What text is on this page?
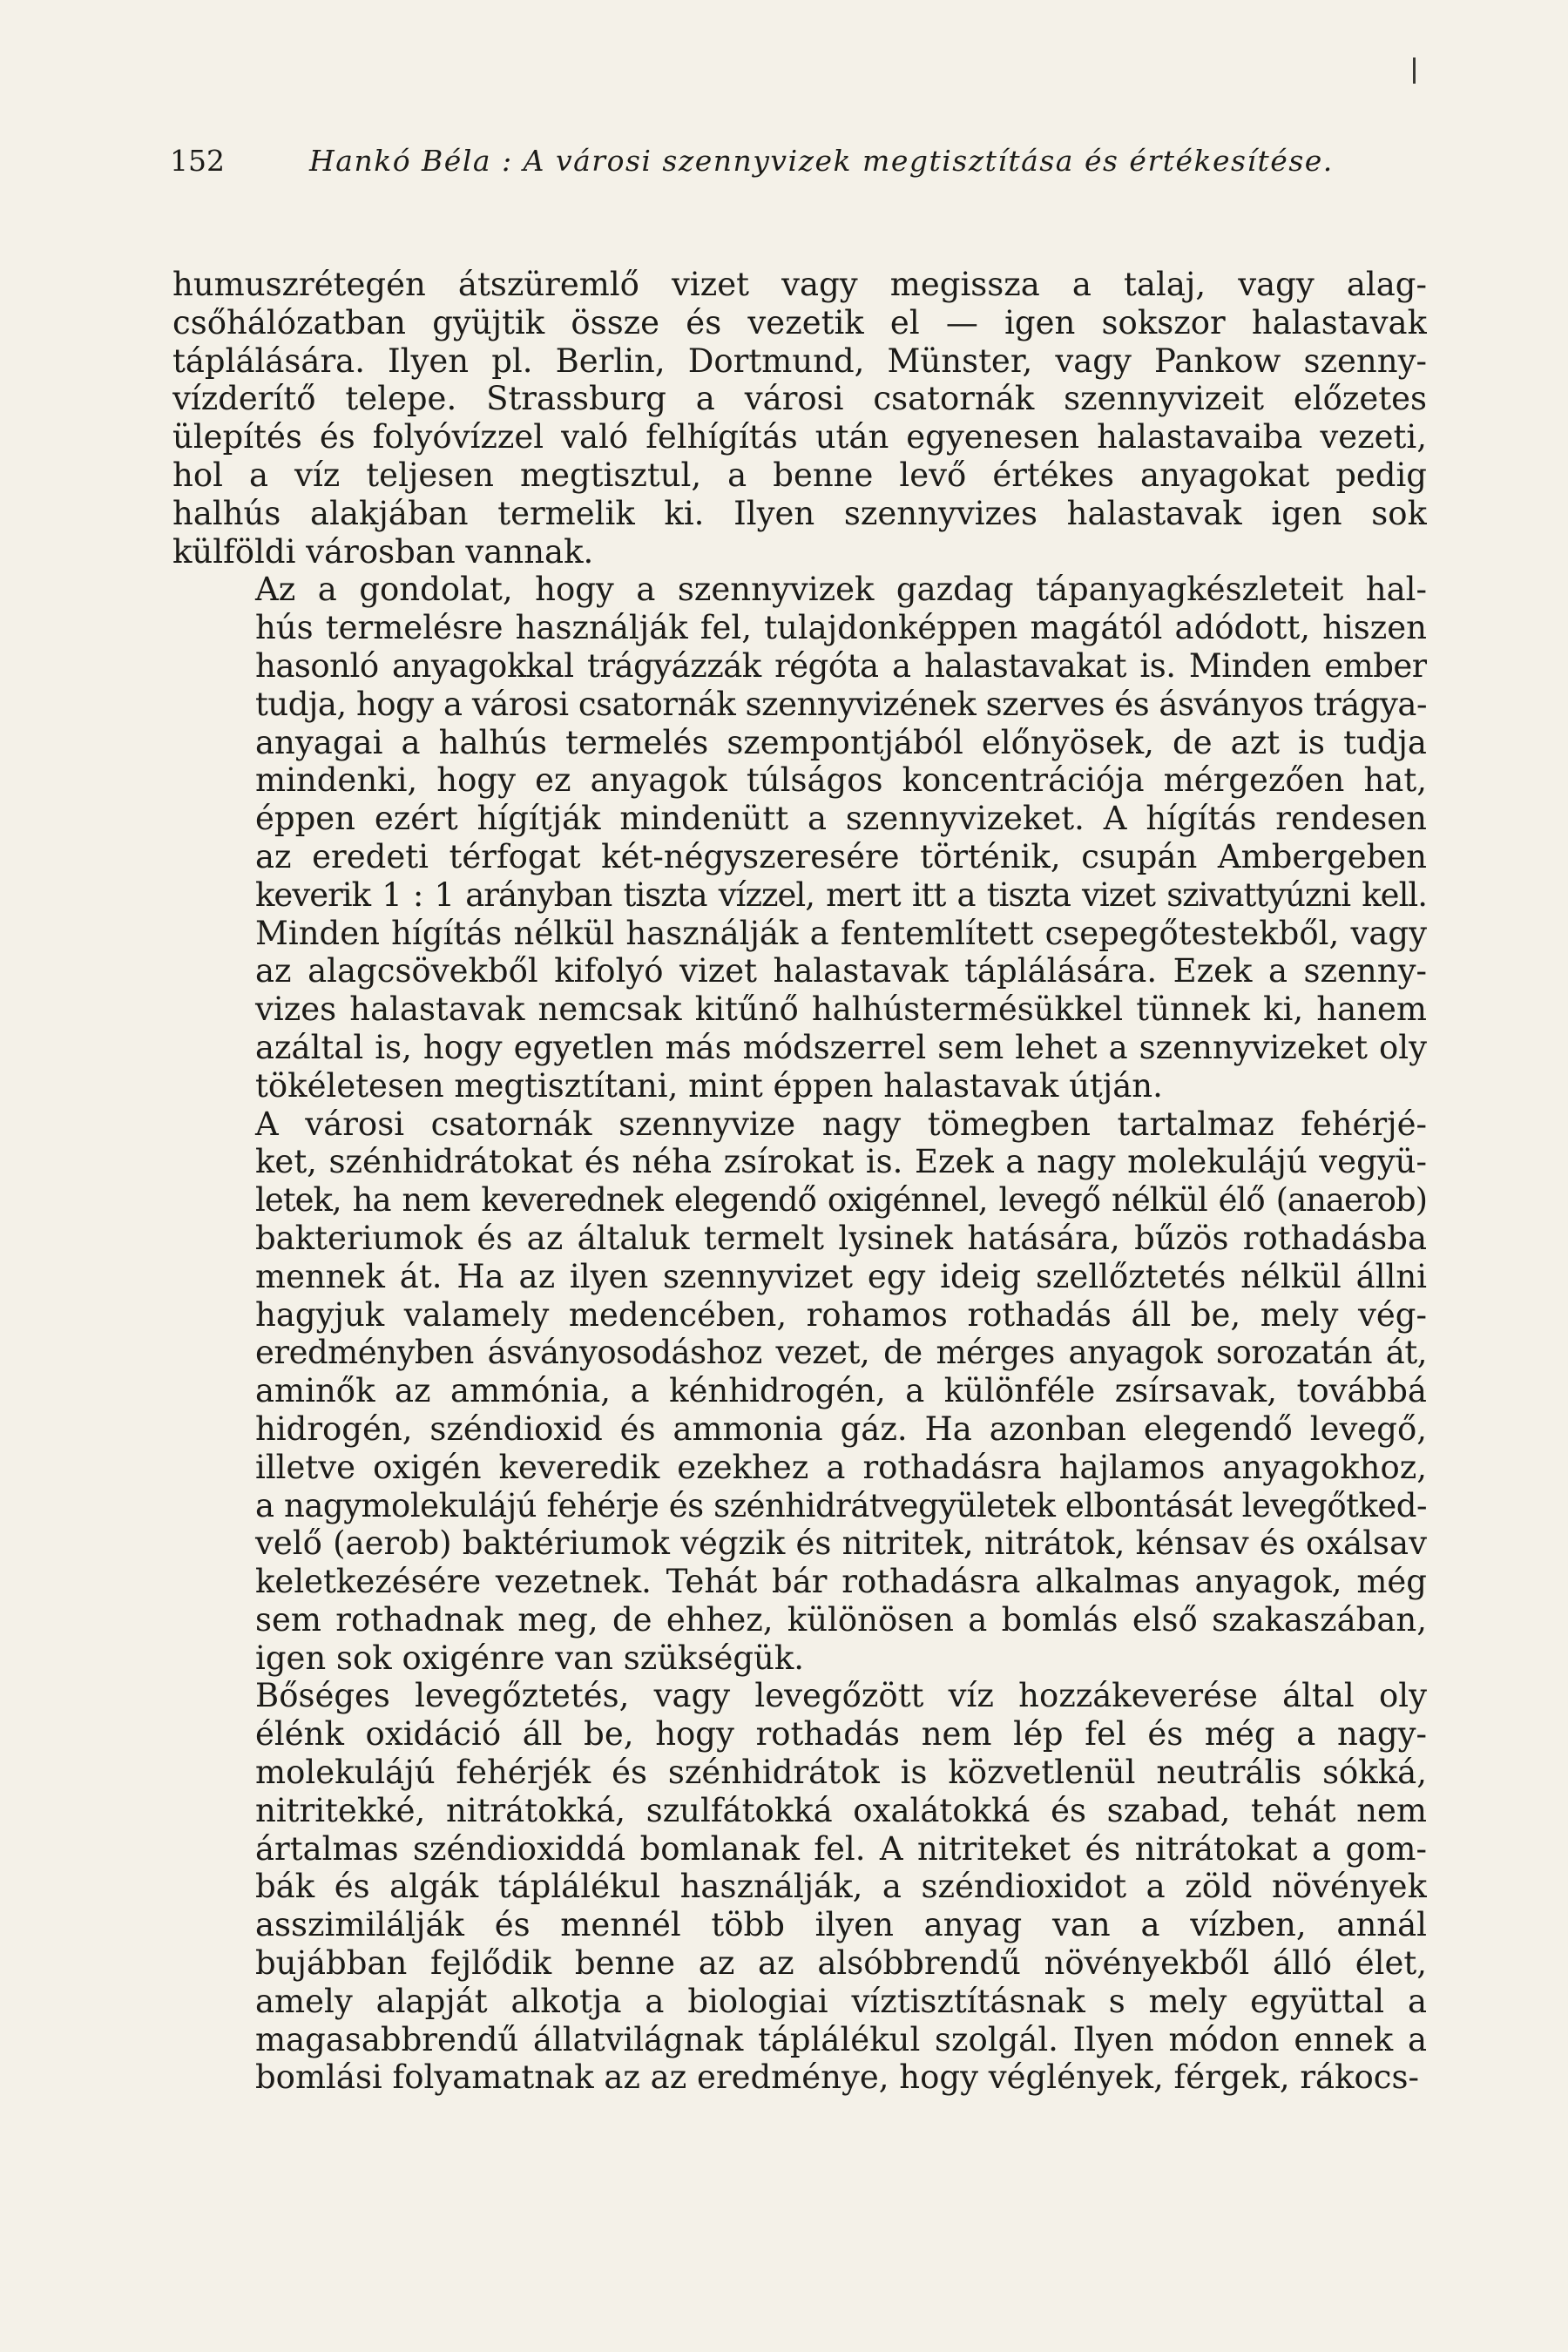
152	Hankó Béla : A városi szennyvizek megtisztítása és értékesítése.

humuszrétegén átszüremlő vizet vagy megissza a talaj, vagy alag-
csőhálózatban gyüjtik össze és vezetik el — igen sokszor halastavak
táplálására. Ilyen pl. Berlin, Dortmund, Münster, vagy Pankow szenny-
vízderítő telepe. Strassburg a városi csatornák szennyvizeit előzetes
ülepítés és folyóvízzel való felhígítás után egyenesen halastavaiba vezeti,
hol a víz teljesen megtisztul, a benne levő értékes anyagokat pedig
halhús alakjában termelik ki. Ilyen szennyvizes halastavak igen sok
külföldi városban vannak.

Az a gondolat, hogy a szennyvizek gazdag tápanyagkészleteit hal-
hús termelésre használják fel, tulajdonképpen magától adódott, hiszen
hasonló anyagokkal trágyázzák régóta a halastavakat is. Minden ember
tudja, hogy a városi csatornák szennyvizének szerves és ásványos trágya-
anyagai a halhús termelés szempontjából előnyösek, de azt is tudja
mindenki, hogy ez anyagok túlságos koncentrációja mérgezően hat,
éppen ezért hígítják mindenütt a szennyvizeket. A hígítás rendesen
az eredeti térfogat két-négyszeresére történik, csupán Ambergeben
keverik 1 : 1 arányban tiszta vízzel, mert itt a tiszta vizet szivattyúzni kell.
Minden hígítás nélkül használják a fentemlített csepegőtestekből, vagy
az alagcsövekből kifolyó vizet halastavak táplálására. Ezek a szenny-
vizes halastavak nemcsak kitűnő halhústermésükkel tünnek ki, hanem
azáltal is, hogy egyetlen más módszerrel sem lehet a szennyvizeket oly
tökéletesen megtisztítani, mint éppen halastavak útján.

A városi csatornák szennyvize nagy tömegben tartalmaz fehérjé-
ket, szénhidrátokat és néha zsírokat is. Ezek a nagy molekulájú vegyü-
letek, ha nem keverednek elegendő oxigénnel, levegő nélkül élő (anaerob)
bakteriumok és az általuk termelt lysinek hatására, bűzös rothadásba
mennek át. Ha az ilyen szennyvizet egy ideig szellőztetés nélkül állni
hagyjuk valamely medencében, rohamos rothadás áll be, mely vég-
eredményben ásványosodáshoz vezet, de mérges anyagok sorozatán át,
aminők az ammónia, a kénhidrogén, a különféle zsírsavak, továbbá
hidrogén, széndioxid és ammonia gáz. Ha azonban elegendő levegő,
illetve oxigén keveredik ezekhez a rothadásra hajlamos anyagokhoz,
a nagymolekulájú fehérje és szénhidrátvegyületek elbontását levegőtked-
velő (aerob) baktériumok végzik és nitritek, nitrátok, kénsav és oxálsav
keletkezésére vezetnek. Tehát bár rothadásra alkalmas anyagok, még
sem rothadnak meg, de ehhez, különösen a bomlás első szakaszában,
igen sok oxigénre van szükségük.

Bőséges levegőztetés, vagy levegőzött víz hozzákeverése által oly
élénk oxidáció áll be, hogy rothadás nem lép fel és még a nagy-
molekulájú fehérjék és szénhidrátok is közvetlenül neutrális sókká,
nitritekké, nitrátokká, szulfátokká oxalátokká és szabad, tehát nem
ártalmas széndioxiddá bomlanak fel. A nitriteket és nitrátokat a gom-
bák és algák táplálékul használják, a széndioxidot a zöld növények
asszimilálják és mennél több ilyen anyag van a vízben, annál
bujábban fejlődik benne az az alsóbbrendű növényekből álló élet,
amely alapját alkotja a biologiai víztisztításnak s mely együttal a
magasabbrendű állatvilágnak táplálékul szolgál. Ilyen módon ennek a
bomlási folyamatnak az az eredménye, hogy véglények, férgek, rákocs-
